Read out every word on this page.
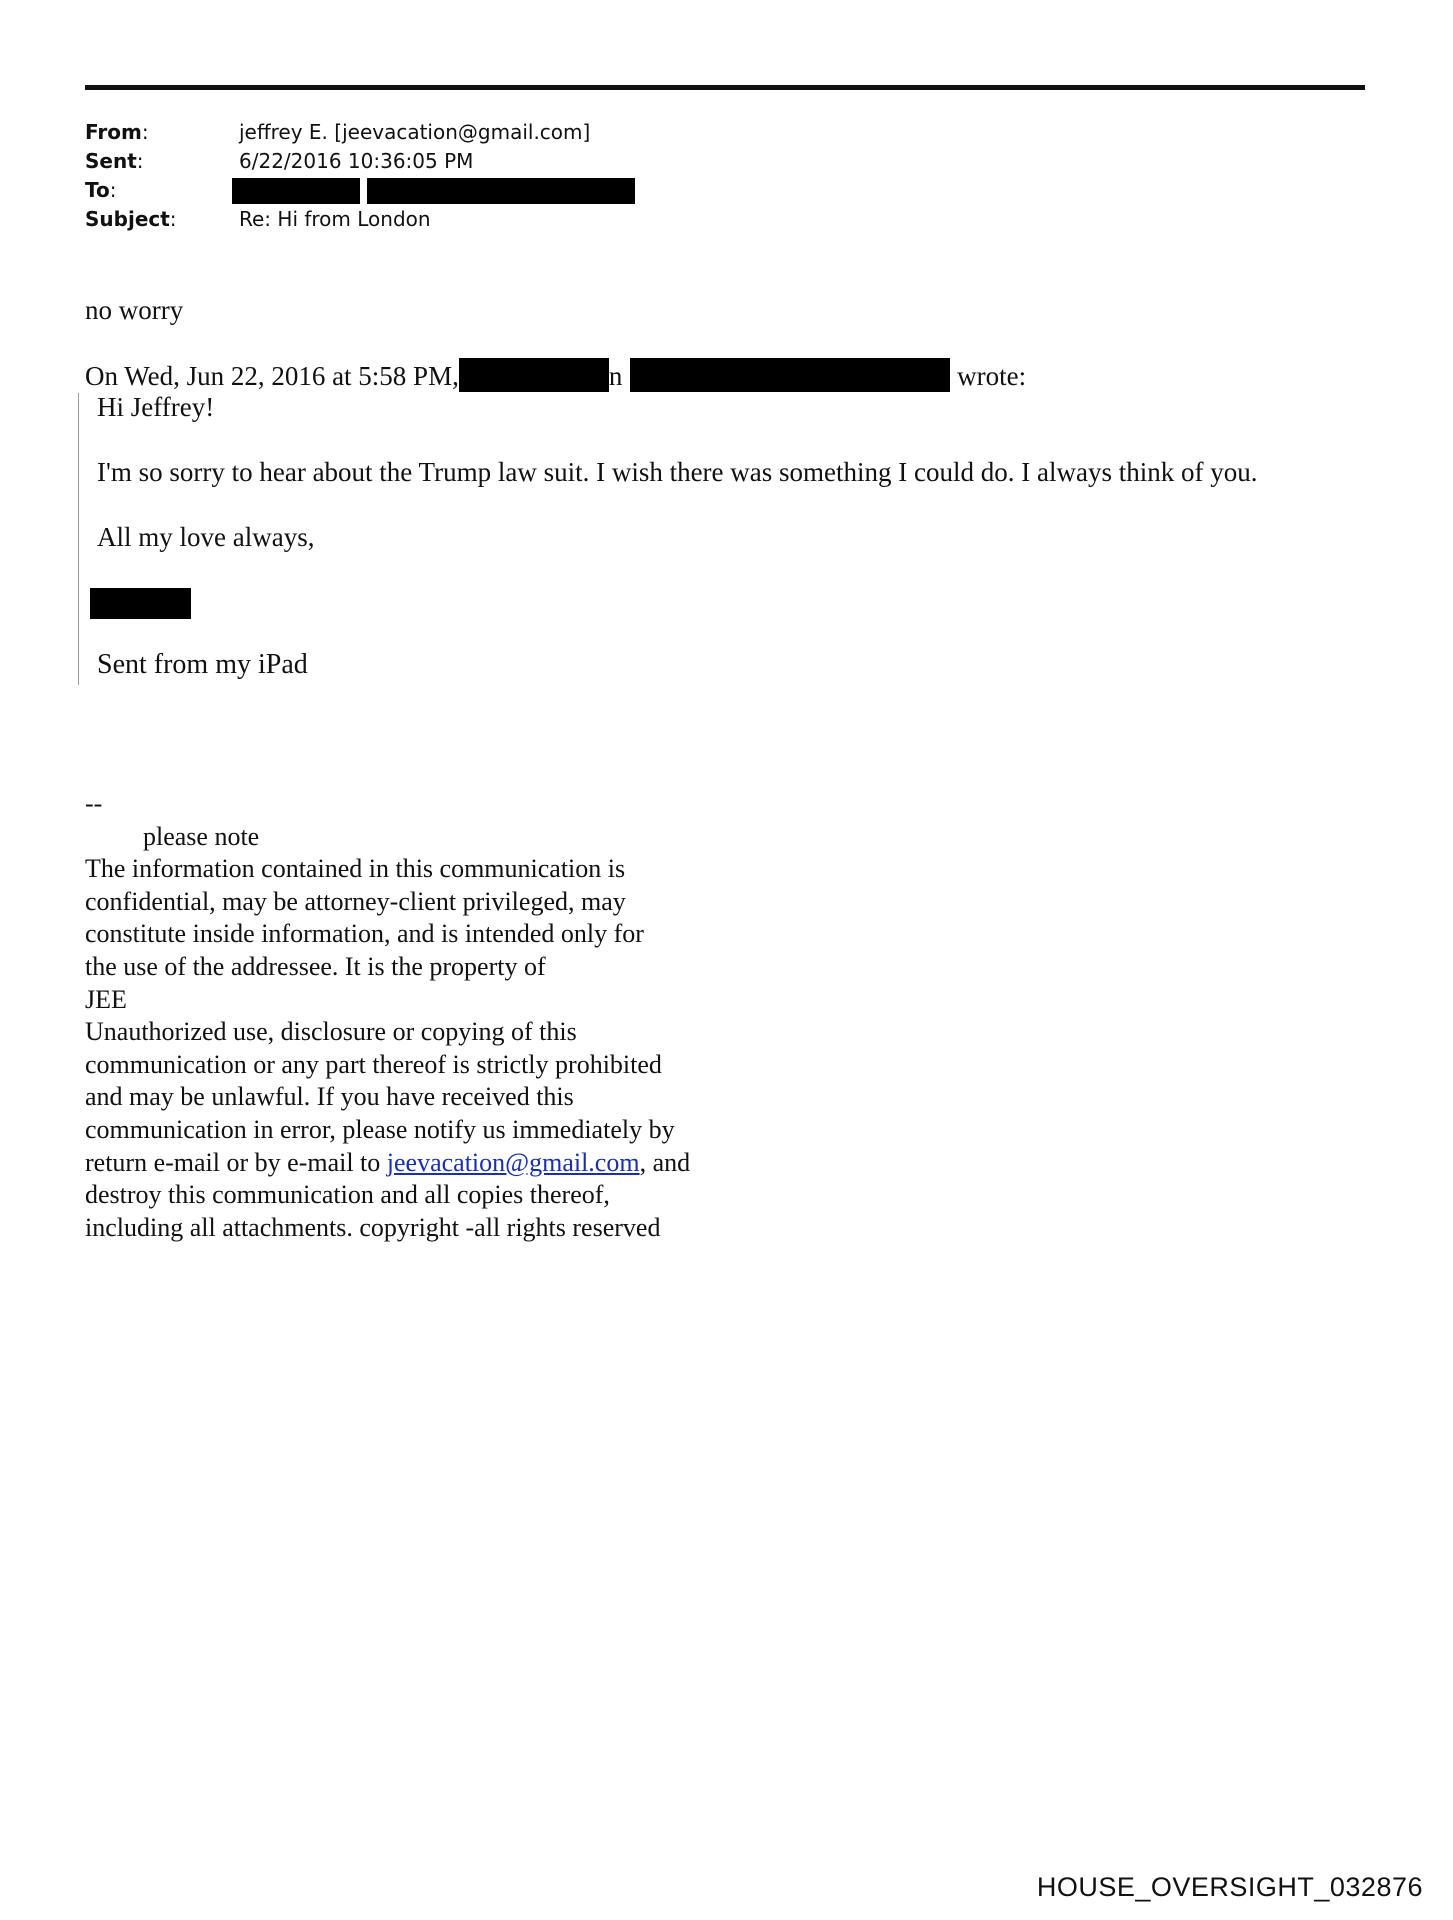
From:	jeffrey E. [jeevacation@gmail.com]
Sent:	6/22/2016 10:36:05 PM
To:
Subject:	Re: Hi from London
no worry
On Wed, Jun 22, 2016 at 5:58 PM,	n	wrote:
Hi Jeffrey!
I'm so sorry to hear about the Trump law suit. I wish there was something I could do. I always think of you.
All my love always,
Sent from my iPad
--
please note
The information contained in this communication is
confidential, may be attorney-client privileged, may
constitute inside information, and is intended only for
the use of the addressee. It is the property of
JEE
Unauthorized use, disclosure or copying of this
communication or any part thereof is strictly prohibited
and may be unlawful. If you have received this
communication in error, please notify us immediately by
return e-mail or by e-mail to jeevacation@gmail.com, and
destroy this communication and all copies thereof,
including all attachments. copyright -all rights reserved
HOUSE_OVERSIGHT_032876
